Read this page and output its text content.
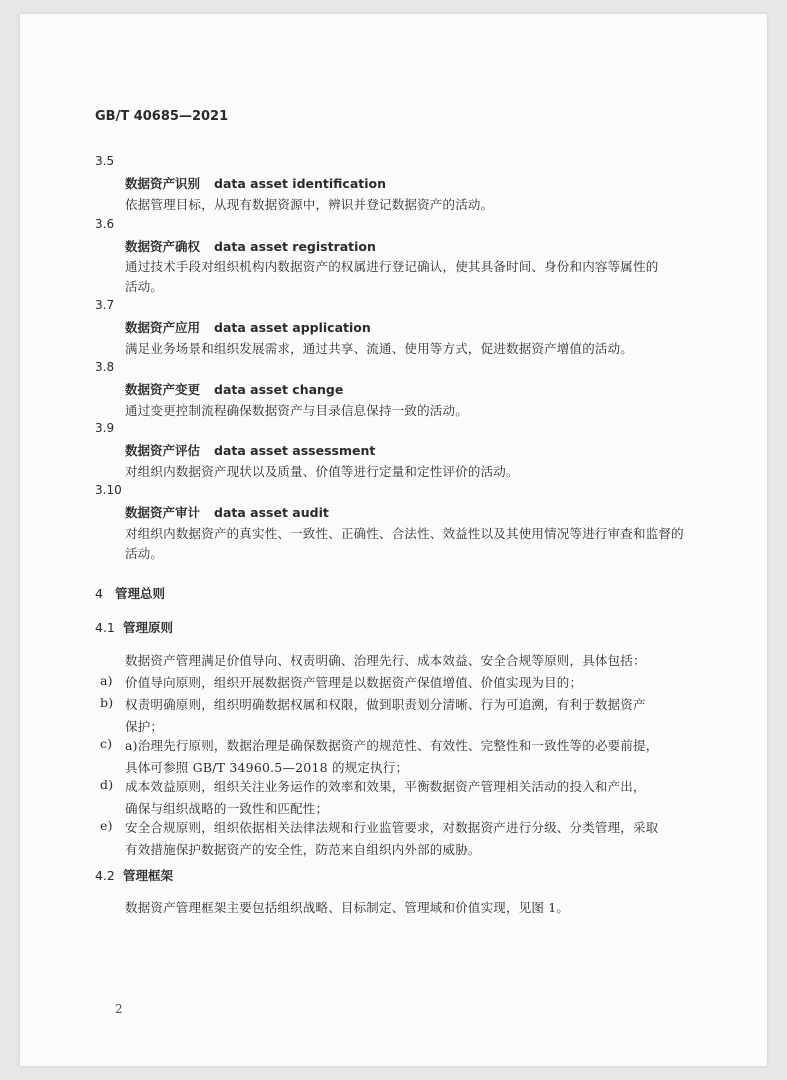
GB/T 40685—2021
3.5
数据资产识别 data asset identification
依据管理目标，从现有数据资源中，辨识并登记数据资产的活动。
3.6
数据资产确权 data asset registration
通过技术手段对组织机构内数据资产的权属进行登记确认，使其具备时间、身份和内容等属性的
活动。
3.7
数据资产应用 data asset application
满足业务场景和组织发展需求，通过共享、流通、使用等方式，促进数据资产增值的活动。
3.8
数据资产变更 data asset change
通过变更控制流程确保数据资产与目录信息保持一致的活动。
3.9
数据资产评估 data asset assessment
对组织内数据资产现状以及质量、价值等进行定量和定性评价的活动。
3.10
数据资产审计 data asset audit
对组织内数据资产的真实性、一致性、正确性、合法性、效益性以及其使用情况等进行审查和监督的
活动。
4 管理总则
4.1 管理原则
数据资产管理满足价值导向、权责明确、治理先行、成本效益、安全合规等原则，具体包括：
a) 价值导向原则，组织开展数据资产管理是以数据资产保值增值、价值实现为目的；
b) 权责明确原则，组织明确数据权属和权限，做到职责划分清晰、行为可追溯，有利于数据资产
保护；
c) a)治理先行原则，数据治理是确保数据资产的规范性、有效性、完整性和一致性等的必要前提，
具体可参照 GB/T 34960.5—2018 的规定执行；
d) 成本效益原则，组织关注业务运作的效率和效果，平衡数据资产管理相关活动的投入和产出，
确保与组织战略的一致性和匹配性；
e) 安全合规原则，组织依据相关法律法规和行业监管要求，对数据资产进行分级、分类管理，采取
有效措施保护数据资产的安全性，防范来自组织内外部的威胁。
4.2 管理框架
数据资产管理框架主要包括组织战略、目标制定、管理域和价值实现，见图 1。
2
